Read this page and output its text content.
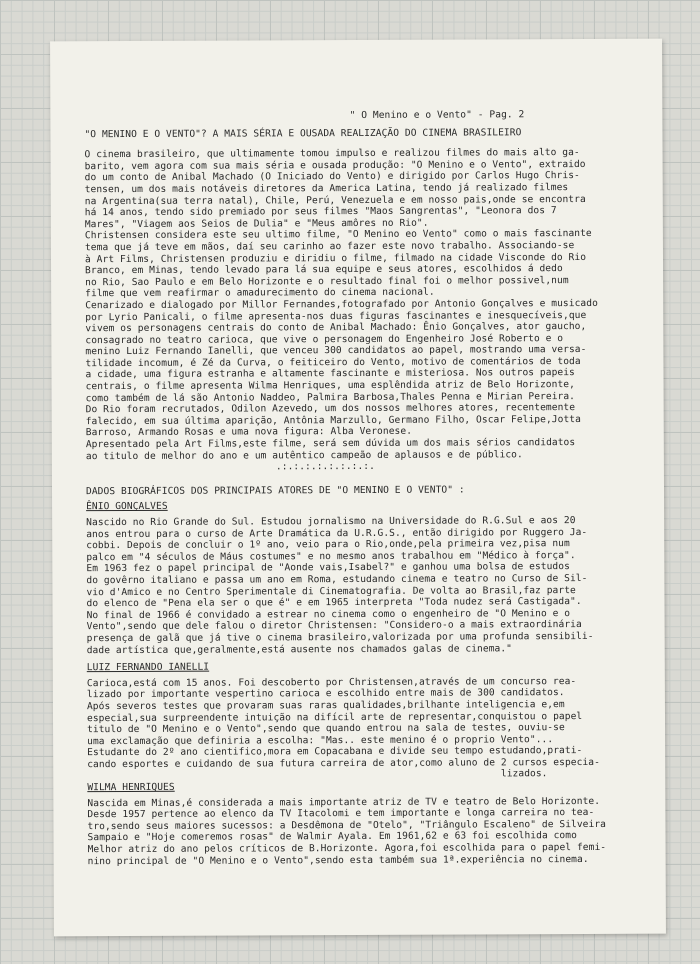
" O Menino e o Vento" - Pag. 2
"O MENINO E O VENTO"? A MAIS SÉRIA E OUSADA REALIZAÇÃO DO CINEMA BRASILEIRO

O cinema brasileiro, que ultimamente tomou impulso e realizou filmes do mais alto ga-
barito, vem agora com sua mais séria e ousada produção: "O Menino e o Vento", extraido
do um conto de Anibal Machado (O Iniciado do Vento) e dirigido por Carlos Hugo Chris-
tensen, um dos mais notáveis diretores da America Latina, tendo já realizado filmes
na Argentina(sua terra natal), Chile, Perú, Venezuela e em nosso pais,onde se encontra
há 14 anos, tendo sido premiado por seus filmes "Maos Sangrentas", "Leonora dos 7
Mares", "Viagem aos Seios de Dulia" e "Meus amôres no Rio".
Christensen considera este seu ultimo filme, "O Menino eo Vento" como o mais fascinante
tema que já teve em mãos, daí seu carinho ao fazer este novo trabalho. Associando-se
à Art Films, Christensen produziu e diridiu o filme, filmado na cidade Visconde do Rio
Branco, em Minas, tendo levado para lá sua equipe e seus atores, escolhidos á dedo
no Rio, Sao Paulo e em Belo Horizonte e o resultado final foi o melhor possivel,num
filme que vem reafirmar o amadurecimento do cinema nacional.
Cenarizado e dialogado por Millor Fernandes,fotografado por Antonio Gonçalves e musicado
por Lyrio Panicali, o filme apresenta-nos duas figuras fascinantes e inesquecíveis,que
vivem os personagens centrais do conto de Anibal Machado: Ênio Gonçalves, ator gaucho,
consagrado no teatro carioca, que vive o personagem do Engenheiro José Roberto e o
menino Luiz Fernando Ianelli, que venceu 300 candidatos ao papel, mostrando uma versa-
tilidade incomum, é Zé da Curva, o feiticeiro do Vento, motivo de comentários de toda
a cidade, uma figura estranha e altamente fascinante e misteriosa. Nos outros papeis
centrais, o filme apresenta Wilma Henriques, uma esplêndida atriz de Belo Horizonte,
como também de lá são Antonio Naddeo, Palmira Barbosa,Thales Penna e Mirian Pereira.
Do Rio foram recrutados, Odilon Azevedo, um dos nossos melhores atores, recentemente
falecido, em sua última aparição, Antônia Marzullo, Germano Filho, Oscar Felipe,Jotta
Barroso, Armando Rosas e uma nova figura: Alba Veronese.
Apresentado pela Art Films,este filme, será sem dúvida um dos mais sérios candidatos
ao titulo de melhor do ano e um autêntico campeão de aplausos e de público.

.:.:.:.:.:.:.:.:.

DADOS BIOGRÁFICOS DOS PRINCIPAIS ATORES DE "O MENINO E O VENTO" :
ÊNIO GONÇALVES

Nascido no Rio Grande do Sul. Estudou jornalismo na Universidade do R.G.Sul e aos 20
anos entrou para o curso de Arte Dramática da U.R.G.S., então dirigido por Ruggero Ja-
cobbi. Depois de concluir o 1º ano, veio para o Rio,onde,pela primeira vez,pisa num
palco em "4 séculos de Máus costumes" e no mesmo anos trabalhou em "Médico à força".
Em 1963 fez o papel principal de "Aonde vais,Isabel?" e ganhou uma bolsa de estudos
do govêrno italiano e passa um ano em Roma, estudando cinema e teatro no Curso de Sil-
vio d'Amico e no Centro Sperimentale di Cinematografia. De volta ao Brasil,faz parte
do elenco de "Pena ela ser o que é" e em 1965 interpreta "Toda nudez será Castigada".
No final de 1966 é convidado a estrear no cinema como o engenheiro de "O Menino e o
Vento",sendo que dele falou o diretor Christensen: "Considero-o a mais extraordinária
presença de galã que já tive o cinema brasileiro,valorizada por uma profunda sensibili-
dade artística que,geralmente,está ausente nos chamados galas de cinema."

LUIZ FERNANDO IANELLI

Carioca,está com 15 anos. Foi descoberto por Christensen,através de um concurso rea-
lizado por importante vespertino carioca e escolhido entre mais de 300 candidatos.
Após severos testes que provaram suas raras qualidades,brilhante inteligencia e,em
especial,sua surpreendente intuição na difícil arte de representar,conquistou o papel
titulo de "O Menino e o Vento",sendo que quando entrou na sala de testes, ouviu-se
uma exclamação que definiria a escolha: "Mas.. este menino é o proprio Vento"...
Estudante do 2º ano cientifico,mora em Copacabana e divide seu tempo estudando,prati-
cando esportes e cuidando de sua futura carreira de ator,como aluno de 2 cursos especia-
lizados.

WILMA HENRIQUES

Nascida em Minas,é considerada a mais importante atriz de TV e teatro de Belo Horizonte.
Desde 1957 pertence ao elenco da TV Itacolomi e tem importante e longa carreira no tea-
tro,sendo seus maiores sucessos: a Desdêmona de "Otelo", "Triângulo Escaleno" de Silveira
Sampaio e "Hoje comeremos rosas" de Walmir Ayala. Em 1961,62 e 63 foi escolhida como
Melhor atriz do ano pelos críticos de B.Horizonte. Agora,foi escolhida para o papel femi-
nino principal de "O Menino e o Vento",sendo esta também sua 1ª.experiência no cinema.
